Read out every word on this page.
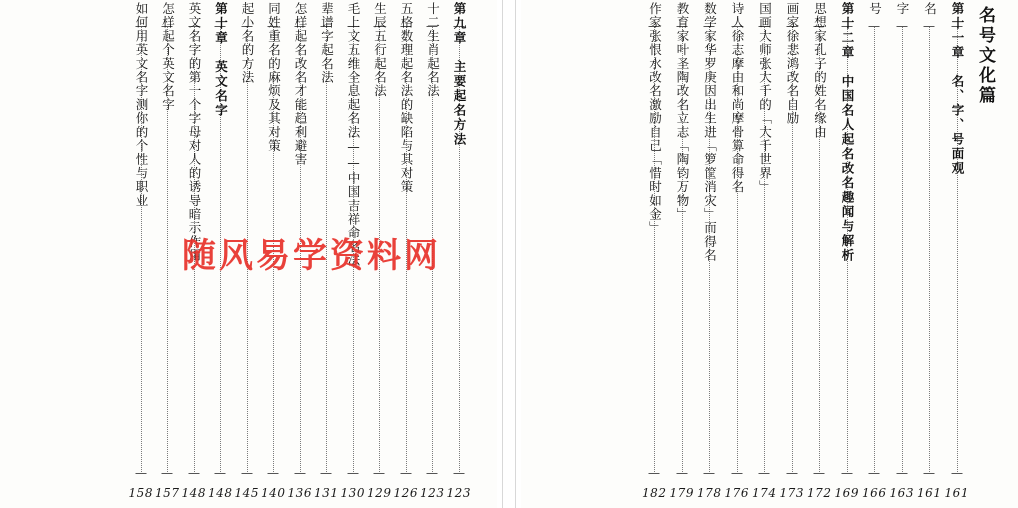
第九章　主要起名方法
123
十二生肖起名法
123
五格数理起名法的缺陷与其对策
126
生辰五行起名法
129
毛上文五维全息起名法——中国吉祥命名法
130
辈谱字起名法
131
怎样起名改名才能趋利避害
136
同姓重名的麻烦及其对策
140
起小名的方法
145
第十章　英文名字
148
英文名字的第一个字母对人的诱导暗示作用
148
怎样起个英文名字
157
如何用英文名字测你的个性与职业
158
名号文化篇
第十一章　名、字、号面观
161
名
161
字
163
号
166
第十二章　中国名人起名改名趣闻与解析
169
思想家孔子的姓名缘由
172
画家徐悲鸿改名自励
173
国画大师张大千的「大千世界」
174
诗人徐志摩由和尚摩骨算命得名
176
数学家华罗庚因出生进「箩筐消灾」而得名
178
教育家叶圣陶改名立志「陶钧万物」
179
作家张恨水改名激励自己「惜时如金」
182
随风易学资料网
